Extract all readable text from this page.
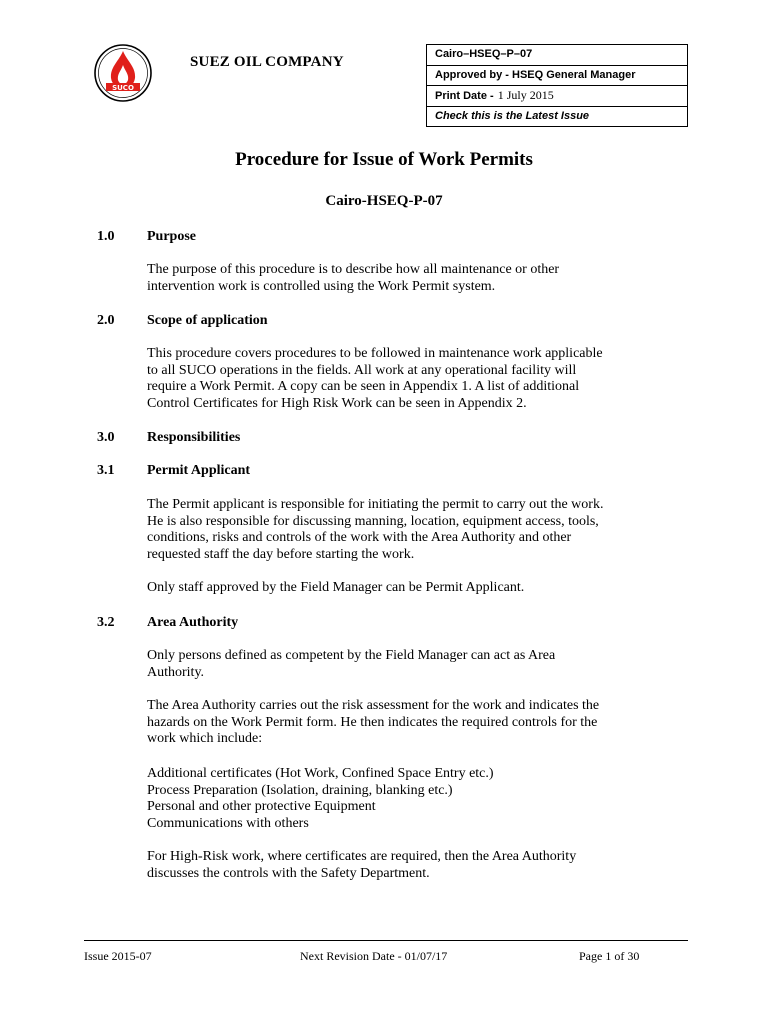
SUCO
SUEZ OIL COMPANY	Cairo–HSEQ–P–07
Approved by - HSEQ General Manager
Print Date - 1 July 2015
Check this is the Latest Issue
Procedure for Issue of Work Permits
Cairo-HSEQ-P-07
1.0 Purpose
The purpose of this procedure is to describe how all maintenance or other
intervention work is controlled using the Work Permit system.
2.0 Scope of application
This procedure covers procedures to be followed in maintenance work applicable
to all SUCO operations in the fields. All work at any operational facility will
require a Work Permit. A copy can be seen in Appendix 1. A list of additional
Control Certificates for High Risk Work can be seen in Appendix 2.
3.0 Responsibilities
3.1 Permit Applicant
The Permit applicant is responsible for initiating the permit to carry out the work.
He is also responsible for discussing manning, location, equipment access, tools,
conditions, risks and controls of the work with the Area Authority and other
requested staff the day before starting the work.
Only staff approved by the Field Manager can be Permit Applicant.
3.2 Area Authority
Only persons defined as competent by the Field Manager can act as Area
Authority.
The Area Authority carries out the risk assessment for the work and indicates the
hazards on the Work Permit form. He then indicates the required controls for the
work which include:
Additional certificates (Hot Work, Confined Space Entry etc.)
Process Preparation (Isolation, draining, blanking etc.)
Personal and other protective Equipment
Communications with others
For High-Risk work, where certificates are required, then the Area Authority
discusses the controls with the Safety Department.
Issue 2015-07	Next Revision Date - 01/07/17	Page 1 of 30
